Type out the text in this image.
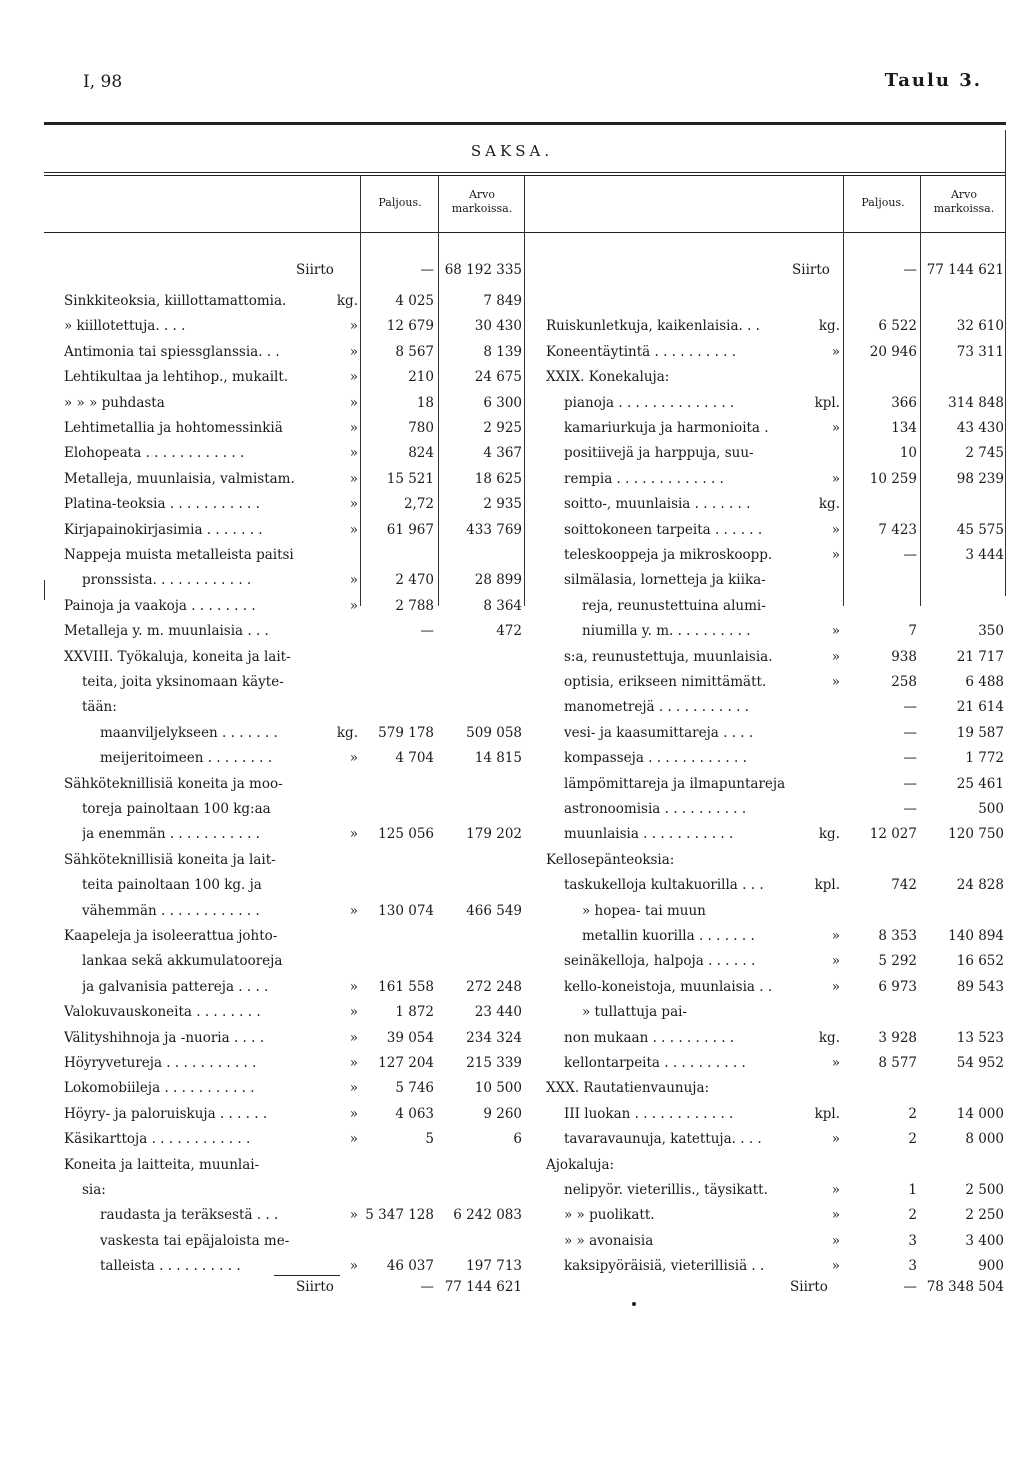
I, 98	Taulu 3.
SAKSA.
Paljous.
Arvo markoissa.	Paljous.
Arvo markoissa.
Siirto	— 68 192 335	Siirto	— 77 144 621
Sinkkiteoksia, kiillottamattomia.	kg.	4 025	7 849
» kiillotettuja. . . .	»	12 679	30 430
Antimonia tai spiessglanssia. . .	»	8 567	8 139
Lehtikultaa ja lehtihop., mukailt.	»	210	24 675
» » » puhdasta	»	18	6 300
Lehtimetallia ja hohtomessinkiä	»	780	2 925
Elohopeata . . . . . . . . . . . .	»	824	4 367
Metalleja, muunlaisia, valmistam.	»	15 521	18 625
Platina-teoksia . . . . . . . . . . .	»	2,72	2 935
Kirjapainokirjasimia . . . . . . .	»	61 967	433 769
Nappeja muista metalleista paitsi
pronssista. . . . . . . . . . . .	»	2 470	28 899
Painoja ja vaakoja . . . . . . . .	»	2 788	8 364
Metalleja y. m. muunlaisia . . .	—	472
XXVIII. Työkaluja, koneita ja lait-
teita, joita yksinomaan käyte-
tään:
maanviljelykseen . . . . . . .	kg.	579 178	509 058
meijeritoimeen . . . . . . . .	»	4 704	14 815
Sähköteknillisiä koneita ja moo-
toreja painoltaan 100 kg:aa
ja enemmän . . . . . . . . . . .	»	125 056	179 202
Sähköteknillisiä koneita ja lait-
teita painoltaan 100 kg. ja
vähemmän . . . . . . . . . . . .	»	130 074	466 549
Kaapeleja ja isoleerattua johto-
lankaa sekä akkumulatooreja
ja galvanisia pattereja . . . .	»	161 558	272 248
Valokuvauskoneita . . . . . . . .	»	1 872	23 440
Välityshihnoja ja -nuoria . . . .	»	39 054	234 324
Höyryveturejа . . . . . . . . . . .	»	127 204	215 339
Lokomobiileja . . . . . . . . . . .	»	5 746	10 500
Höyry- ja paloruiskuja . . . . . .	»	4 063	9 260
Käsikarttoja . . . . . . . . . . . .	»	5	6
Koneita ja laitteita, muunlai-
sia:
raudasta ja teräksestä . . .	» 5 347 128	6 242 083
vaskesta tai epäjaloista me-
talleista . . . . . . . . . .	»	46 037	197 713
Ruiskunletkuja, kaikenlaisia. . .	kg.	6 522	32 610
Koneentäytintä . . . . . . . . . .	»	20 946	73 311
XXIX. Konekaluja:
pianoja . . . . . . . . . . . . . .	kpl.	366	314 848
kamariurkuja ja harmonioita .	»	134	43 430
positiivejä ja harppuja, suu-	10	2 745
rempia . . . . . . . . . . . . .	»	10 259	98 239
soitto-, muunlaisia . . . . . . .	kg.
soittokoneen tarpeita . . . . . .	»	7 423	45 575
teleskooppeja ja mikroskoopp.	»	—	3 444
silmälasia, lornetteja ja kiika-
reja, reunustettuina alumi-
niumilla y. m. . . . . . . . . .	»	7	350
s:a, reunustettuja, muunlaisia.	»	938	21 717
optisia, erikseen nimittämätt.	»	258	6 488
manometrejä . . . . . . . . . . .	—	21 614
vesi- ja kaasumittareja . . . .	—	19 587
kompasseja . . . . . . . . . . . .	—	1 772
lämpömittareja ja ilmapuntareja	—	25 461
astronoomisia . . . . . . . . . .	—	500
muunlaisia . . . . . . . . . . .	kg.	12 027	120 750
Kellosepänteoksia:
taskukelloja kultakuorilla . . .	kpl.	742	24 828
» hopea- tai muun
metallin kuorilla . . . . . . .	»	8 353	140 894
seinäkelloja, halpoja . . . . . .	»	5 292	16 652
kello-koneistoja, muunlaisia . .	»	6 973	89 543
» tullattuja pai-
non mukaan . . . . . . . . . .	kg.	3 928	13 523
kellontarpeita . . . . . . . . . .	»	8 577	54 952
XXX. Rautatienvaunuja:
III luokan . . . . . . . . . . . .	kpl.	2	14 000
tavaravaunuja, katettuja. . . .	»	2	8 000
Ajokaluja:
nelipyör. vieterillis., täysikatt.	»	1	2 500
» » puolikatt.	»	2	2 250
» » avonaisia	»	3	3 400
kaksipyöräisiä, vieterillisiä . .	»	3	900
Siirto	— 77 144 621	Siirto	— 78 348 504
